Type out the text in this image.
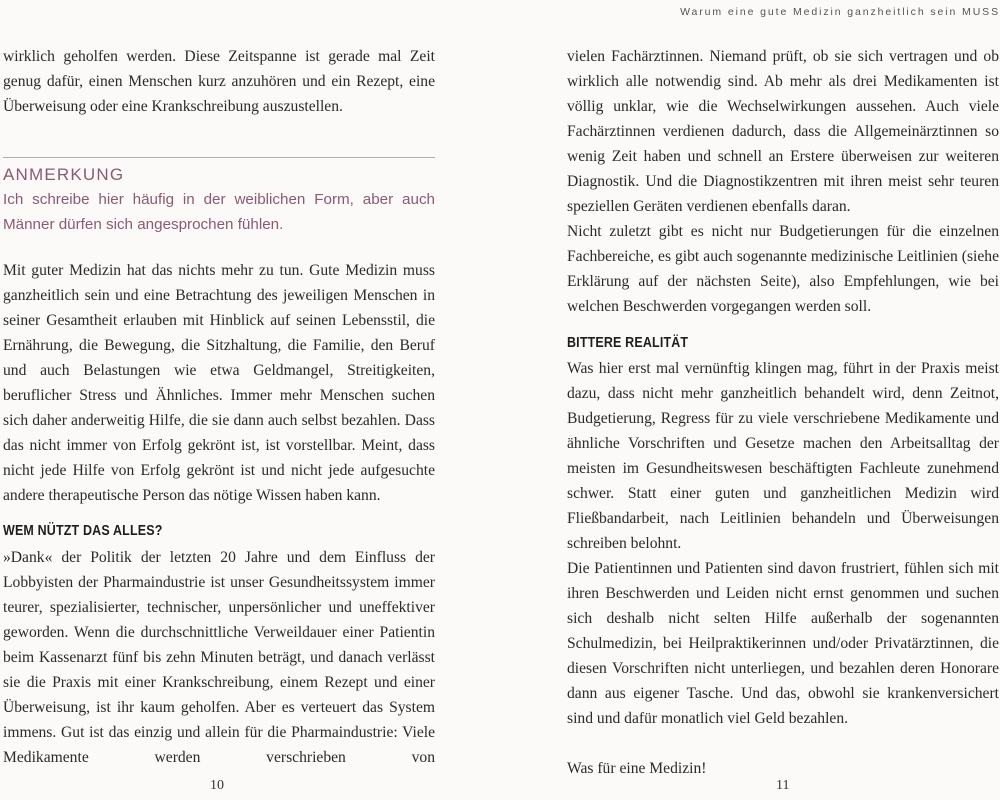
Warum eine gute Medizin ganzheitlich sein MUSS

wirklich geholfen werden. Diese Zeitspanne ist gerade mal Zeit genug dafür, einen Menschen kurz anzuhören und ein Rezept, eine Überweisung oder eine Krankschreibung auszustellen.

ANMERKUNG
Ich schreibe hier häufig in der weiblichen Form, aber auch Männer dürfen sich angesprochen fühlen.

Mit guter Medizin hat das nichts mehr zu tun. Gute Medizin muss ganzheitlich sein und eine Betrachtung des jeweiligen Menschen in seiner Gesamtheit erlauben mit Hinblick auf seinen Lebensstil, die Ernährung, die Bewegung, die Sitzhaltung, die Familie, den Beruf und auch Belastungen wie etwa Geldmangel, Streitigkeiten, beruflicher Stress und Ähnliches. Immer mehr Menschen suchen sich daher anderweitig Hilfe, die sie dann auch selbst bezahlen. Dass das nicht immer von Erfolg gekrönt ist, ist vorstellbar. Meint, dass nicht jede Hilfe von Erfolg gekrönt ist und nicht jede aufgesuchte andere therapeutische Person das nötige Wissen haben kann.

WEM NÜTZT DAS ALLES?

»Dank« der Politik der letzten 20 Jahre und dem Einfluss der Lobbyisten der Pharmaindustrie ist unser Gesundheitssystem immer teurer, spezialisierter, technischer, unpersönlicher und uneffektiver geworden. Wenn die durchschnittliche Verweildauer einer Patientin beim Kassenarzt fünf bis zehn Minuten beträgt, und danach verlässt sie die Praxis mit einer Krankschreibung, einem Rezept und einer Überweisung, ist ihr kaum geholfen. Aber es verteuert das System immens. Gut ist das einzig und allein für die Pharmaindustrie: Viele Medikamente werden verschrieben von

vielen Fachärztinnen. Niemand prüft, ob sie sich vertragen und ob wirklich alle notwendig sind. Ab mehr als drei Medikamenten ist völlig unklar, wie die Wechselwirkungen aussehen. Auch viele Fachärztinnen verdienen dadurch, dass die Allgemeinärztinnen so wenig Zeit haben und schnell an Erstere überweisen zur weiteren Diagnostik. Und die Diagnostikzentren mit ihren meist sehr teuren speziellen Geräten verdienen ebenfalls daran.

Nicht zuletzt gibt es nicht nur Budgetierungen für die einzelnen Fachbereiche, es gibt auch sogenannte medizinische Leitlinien (siehe Erklärung auf der nächsten Seite), also Empfehlungen, wie bei welchen Beschwerden vorgegangen werden soll.

BITTERE REALITÄT

Was hier erst mal vernünftig klingen mag, führt in der Praxis meist dazu, dass nicht mehr ganzheitlich behandelt wird, denn Zeitnot, Budgetierung, Regress für zu viele verschriebene Medikamente und ähnliche Vorschriften und Gesetze machen den Arbeitsalltag der meisten im Gesundheitswesen beschäftigten Fachleute zunehmend schwer. Statt einer guten und ganzheitlichen Medizin wird Fließbandarbeit, nach Leitlinien behandeln und Überweisungen schreiben belohnt.

Die Patientinnen und Patienten sind davon frustriert, fühlen sich mit ihren Beschwerden und Leiden nicht ernst genommen und suchen sich deshalb nicht selten Hilfe außerhalb der sogenannten Schulmedizin, bei Heilpraktikerinnen und/oder Privatärztinnen, die diesen Vorschriften nicht unterliegen, und bezahlen deren Honorare dann aus eigener Tasche. Und das, obwohl sie krankenversichert sind und dafür monatlich viel Geld bezahlen.

Was für eine Medizin!

10	11
